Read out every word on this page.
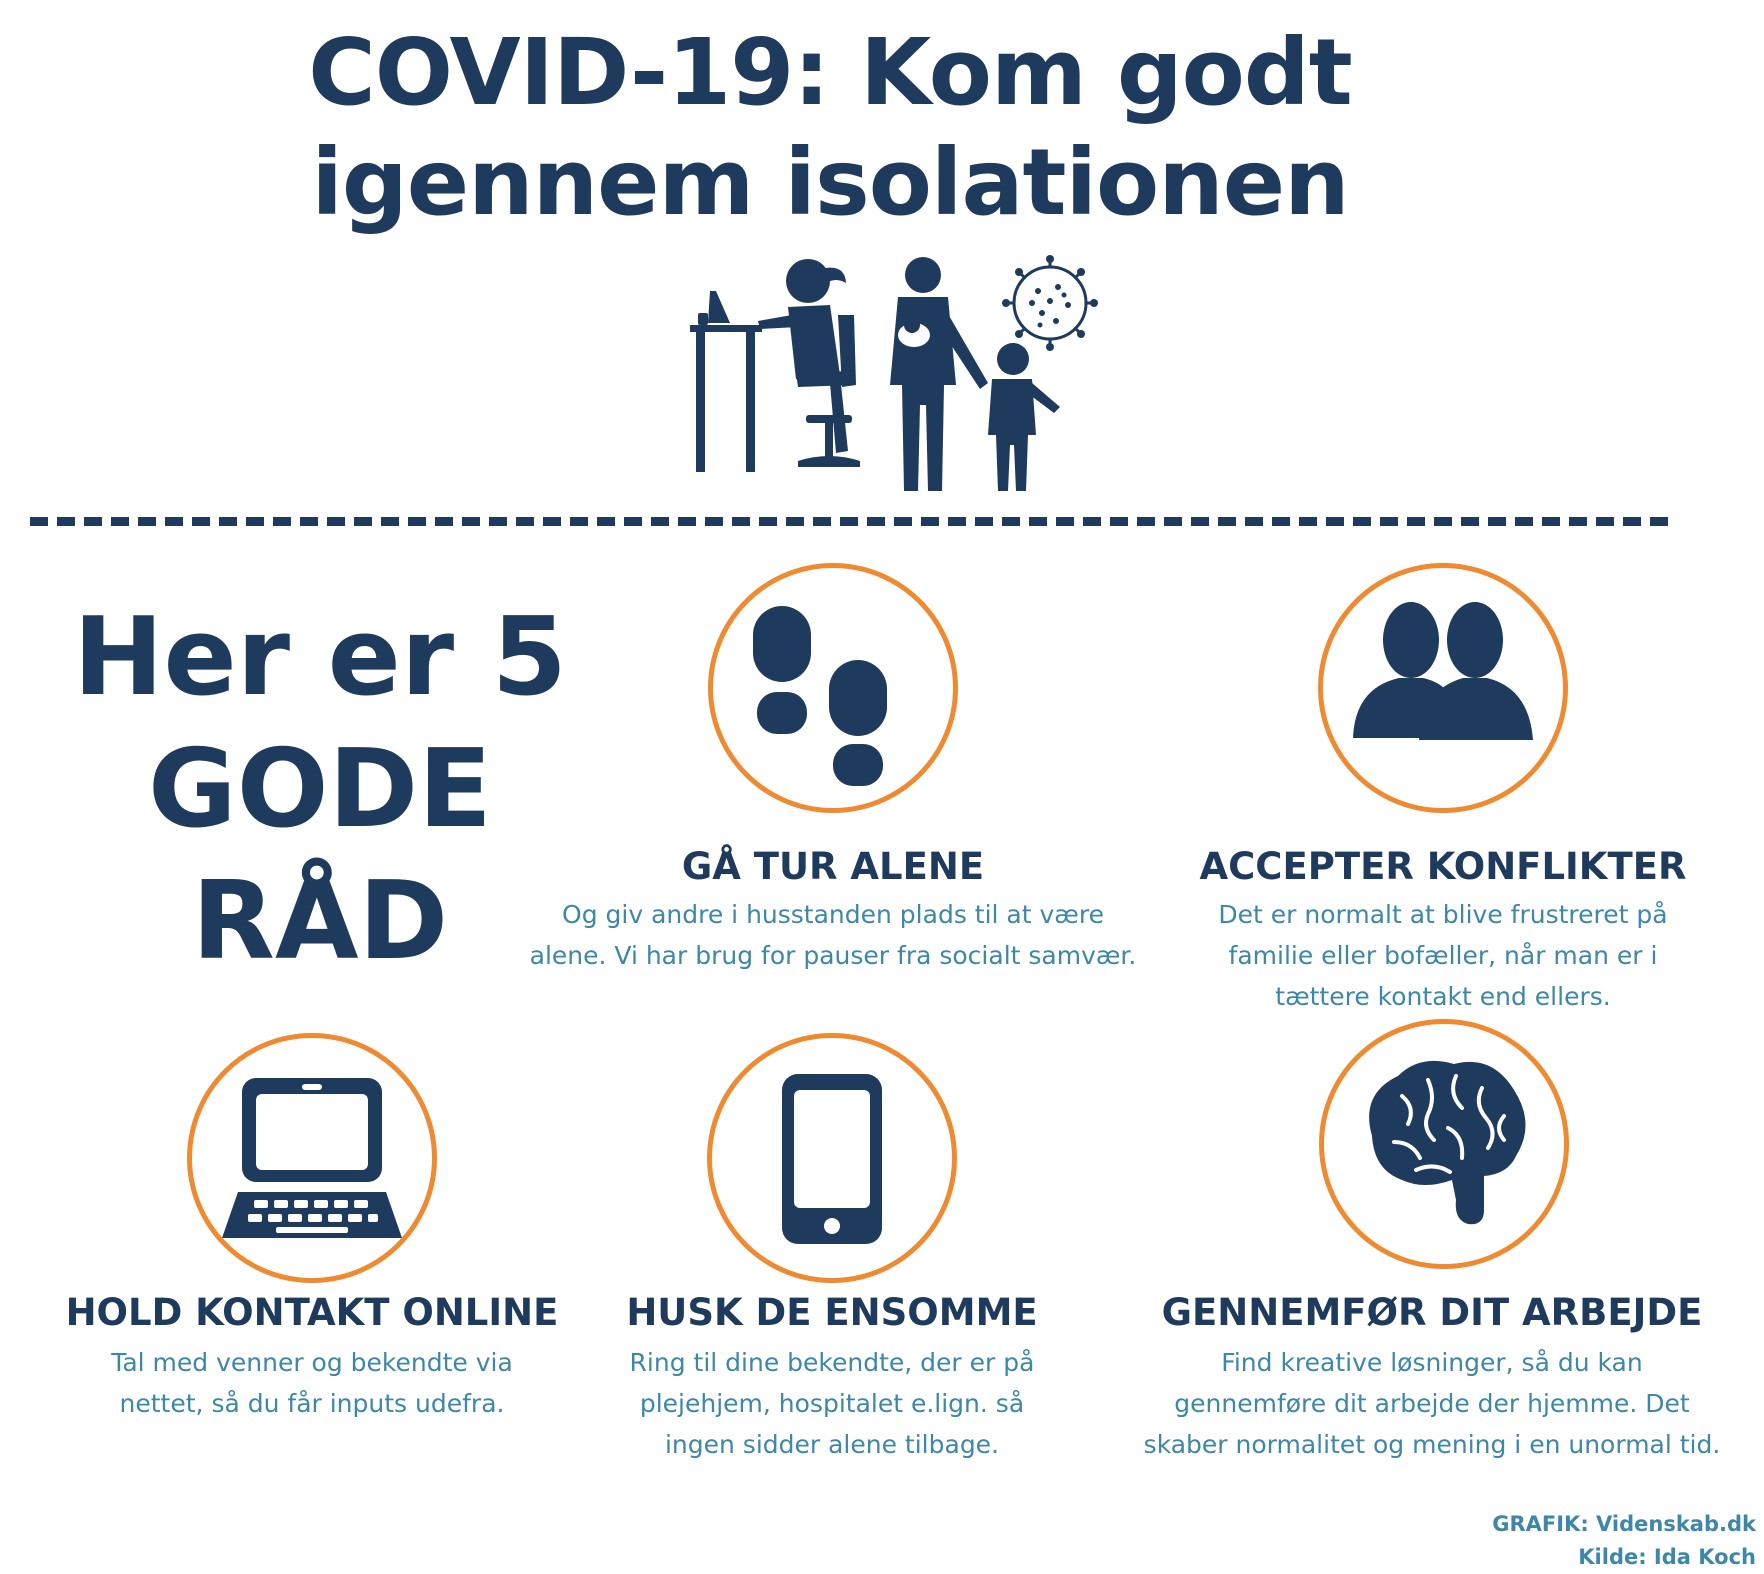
COVID-19: Kom godt
igennem isolationen
Her er 5
GODE
RÅD	GÅ TUR ALENE

Og giv andre i husstanden plads til at være
alene. Vi har brug for pauser fra socialt samvær.

ACCEPTER KONFLIKTER

Det er normalt at blive frustreret på
familie eller bofæller, når man er i
tættere kontakt end ellers.

HOLD KONTAKT ONLINE

Tal med venner og bekendte via
nettet, så du får inputs udefra.

HUSK DE ENSOMME

Ring til dine bekendte, der er på
plejehjem, hospitalet e.lign. så
ingen sidder alene tilbage.

GENNEMFØR DIT ARBEJDE

Find kreative løsninger, så du kan
gennemføre dit arbejde der hjemme. Det
skaber normalitet og mening i en unormal tid.

GRAFIK: Videnskab.dk
Kilde: Ida Koch
